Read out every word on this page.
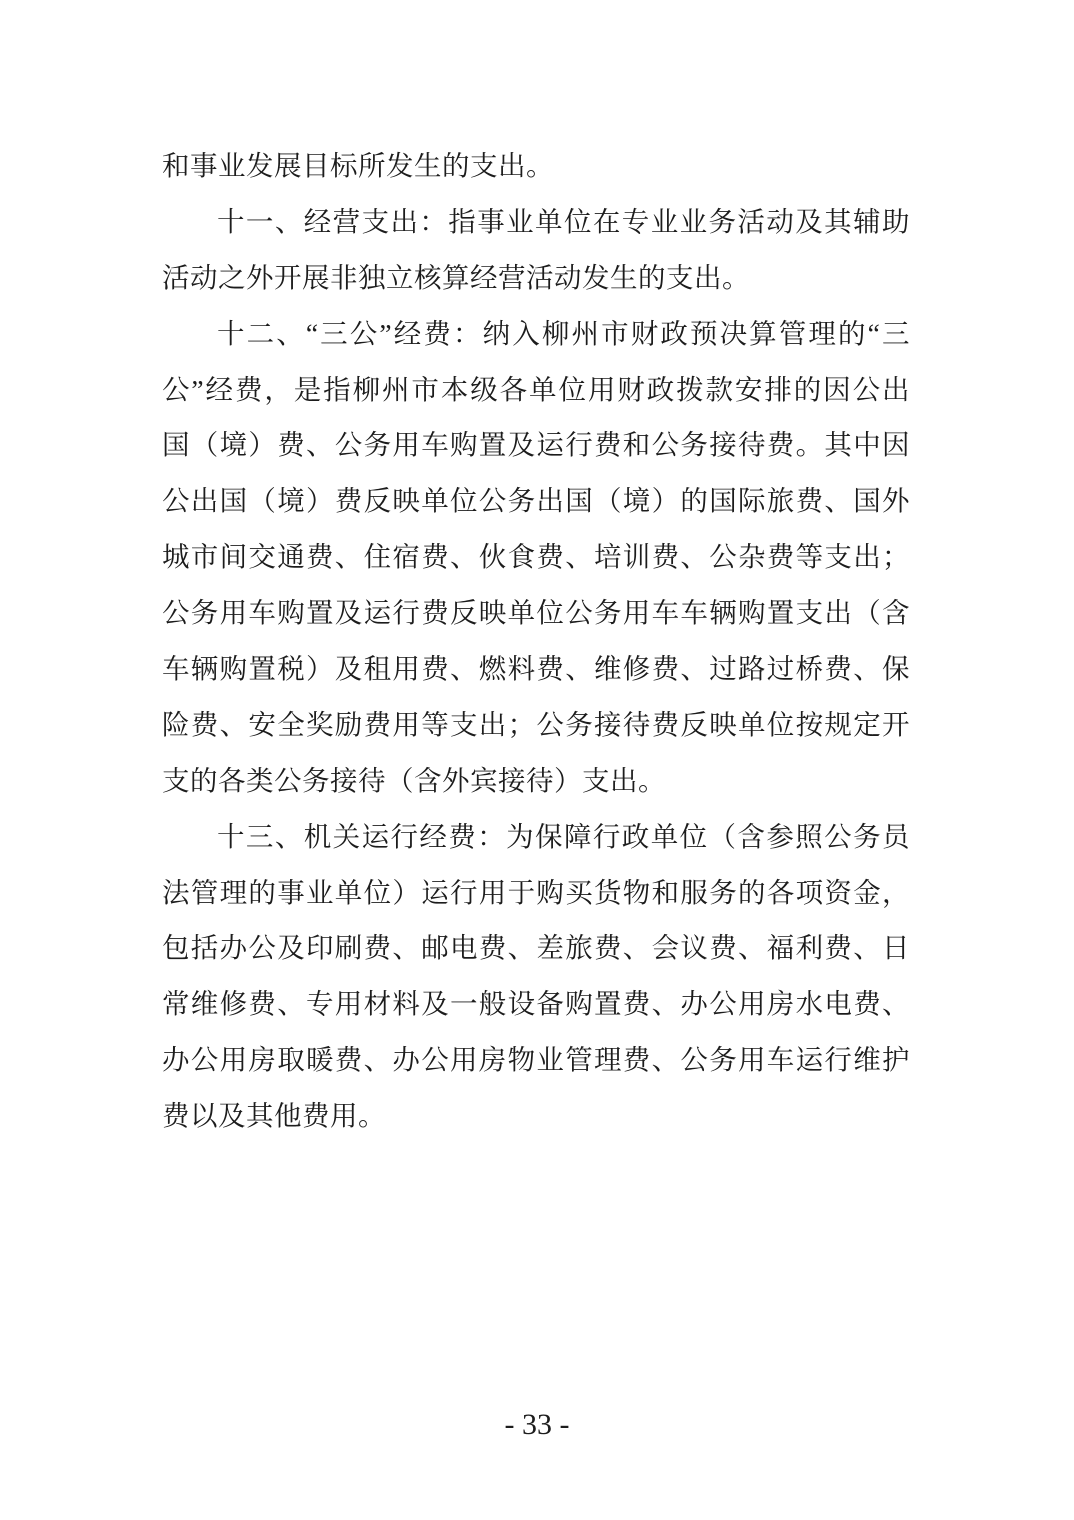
和事业发展目标所发生的支出。
十一、经营支出：指事业单位在专业业务活动及其辅助
活动之外开展非独立核算经营活动发生的支出。
十二、“三公”经费：纳入柳州市财政预决算管理的“三
公”经费，是指柳州市本级各单位用财政拨款安排的因公出
国（境）费、公务用车购置及运行费和公务接待费。其中因
公出国（境）费反映单位公务出国（境）的国际旅费、国外
城市间交通费、住宿费、伙食费、培训费、公杂费等支出；
公务用车购置及运行费反映单位公务用车车辆购置支出（含
车辆购置税）及租用费、燃料费、维修费、过路过桥费、保
险费、安全奖励费用等支出；公务接待费反映单位按规定开
支的各类公务接待（含外宾接待）支出。
十三、机关运行经费：为保障行政单位（含参照公务员
法管理的事业单位）运行用于购买货物和服务的各项资金，
包括办公及印刷费、邮电费、差旅费、会议费、福利费、日
常维修费、专用材料及一般设备购置费、办公用房水电费、
办公用房取暖费、办公用房物业管理费、公务用车运行维护
费以及其他费用。
- 33 -
